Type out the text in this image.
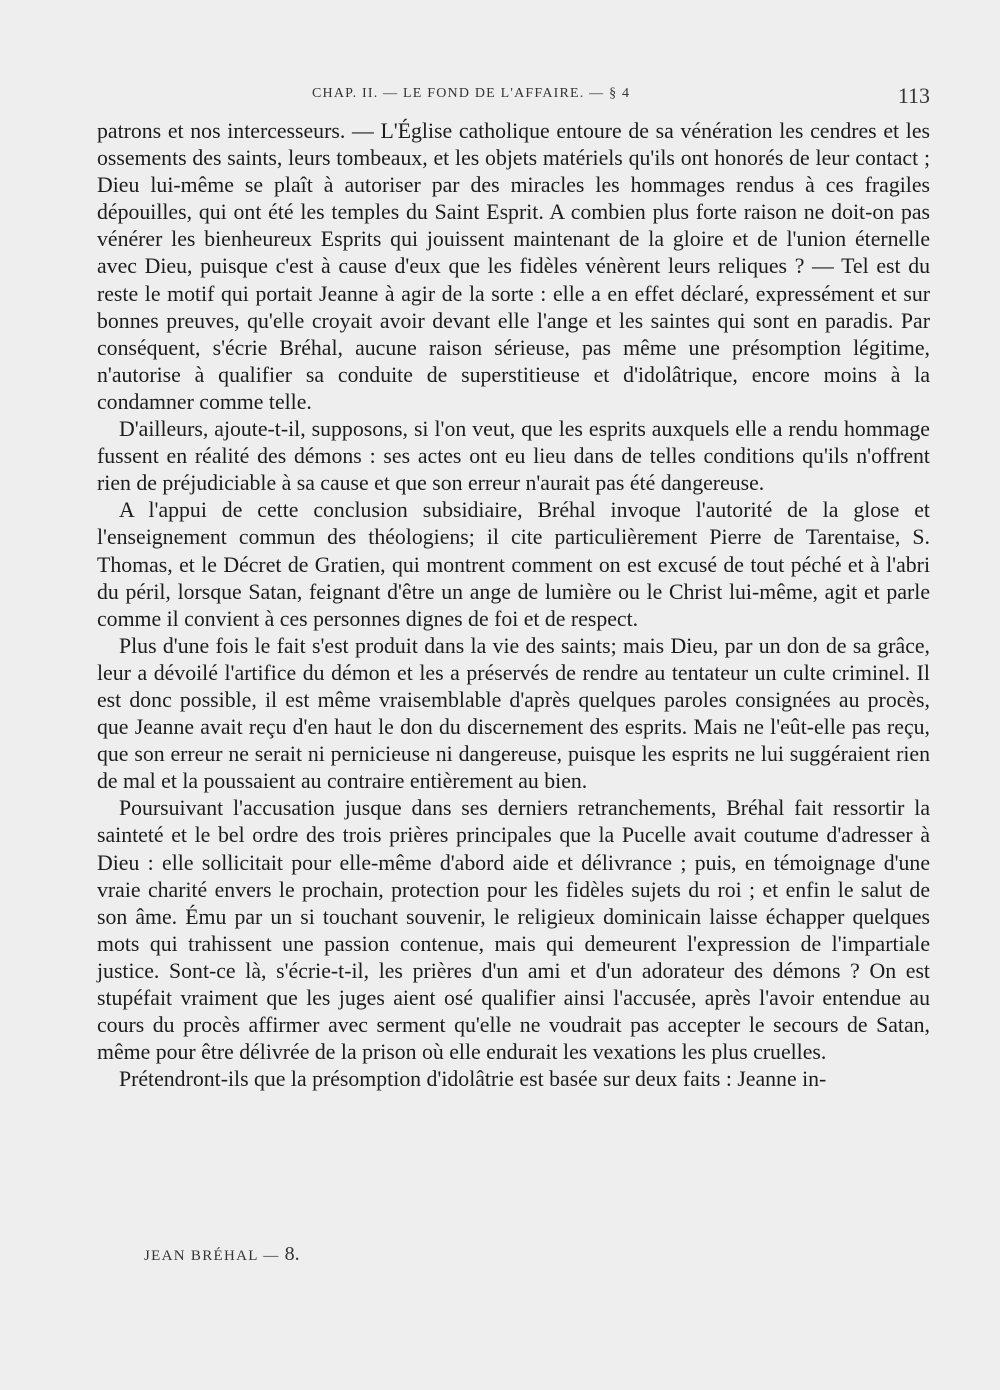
CHAP. II. — LE FOND DE L'AFFAIRE. — § 4	113

patrons et nos intercesseurs. — L'Église catholique entoure de sa vénération les cendres et les ossements des saints, leurs tombeaux, et les objets matériels qu'ils ont honorés de leur contact ; Dieu lui-même se plaît à autoriser par des miracles les hommages rendus à ces fragiles dépouilles, qui ont été les temples du Saint Esprit. A combien plus forte raison ne doit-on pas vénérer les bienheureux Esprits qui jouissent maintenant de la gloire et de l'union éternelle avec Dieu, puisque c'est à cause d'eux que les fidèles vénèrent leurs reliques ? — Tel est du reste le motif qui portait Jeanne à agir de la sorte : elle a en effet déclaré, expressément et sur bonnes preuves, qu'elle croyait avoir devant elle l'ange et les saintes qui sont en paradis. Par conséquent, s'écrie Bréhal, aucune raison sérieuse, pas même une présomption légitime, n'autorise à qualifier sa conduite de superstitieuse et d'idolâtrique, encore moins à la condamner comme telle.

D'ailleurs, ajoute-t-il, supposons, si l'on veut, que les esprits auxquels elle a rendu hommage fussent en réalité des démons : ses actes ont eu lieu dans de telles conditions qu'ils n'offrent rien de préjudiciable à sa cause et que son erreur n'aurait pas été dangereuse.

A l'appui de cette conclusion subsidiaire, Bréhal invoque l'autorité de la glose et l'enseignement commun des théologiens; il cite particulièrement Pierre de Tarentaise, S. Thomas, et le Décret de Gratien, qui montrent comment on est excusé de tout péché et à l'abri du péril, lorsque Satan, feignant d'être un ange de lumière ou le Christ lui-même, agit et parle comme il convient à ces personnes dignes de foi et de respect.

Plus d'une fois le fait s'est produit dans la vie des saints; mais Dieu, par un don de sa grâce, leur a dévoilé l'artifice du démon et les a préservés de rendre au tentateur un culte criminel. Il est donc possible, il est même vraisemblable d'après quelques paroles consignées au procès, que Jeanne avait reçu d'en haut le don du discernement des esprits. Mais ne l'eût-elle pas reçu, que son erreur ne serait ni pernicieuse ni dangereuse, puisque les esprits ne lui suggéraient rien de mal et la poussaient au contraire entièrement au bien.

Poursuivant l'accusation jusque dans ses derniers retranchements, Bréhal fait ressortir la sainteté et le bel ordre des trois prières principales que la Pucelle avait coutume d'adresser à Dieu : elle sollicitait pour elle-même d'abord aide et délivrance ; puis, en témoignage d'une vraie charité envers le prochain, protection pour les fidèles sujets du roi ; et enfin le salut de son âme. Ému par un si touchant souvenir, le religieux dominicain laisse échapper quelques mots qui trahissent une passion contenue, mais qui demeurent l'expression de l'impartiale justice. Sont-ce là, s'écrie-t-il, les prières d'un ami et d'un adorateur des démons ? On est stupéfait vraiment que les juges aient osé qualifier ainsi l'accusée, après l'avoir entendue au cours du procès affirmer avec serment qu'elle ne voudrait pas accepter le secours de Satan, même pour être délivrée de la prison où elle endurait les vexations les plus cruelles.

Prétendront-ils que la présomption d'idolâtrie est basée sur deux faits : Jeanne in-

JEAN BRÉHAL — 8.
